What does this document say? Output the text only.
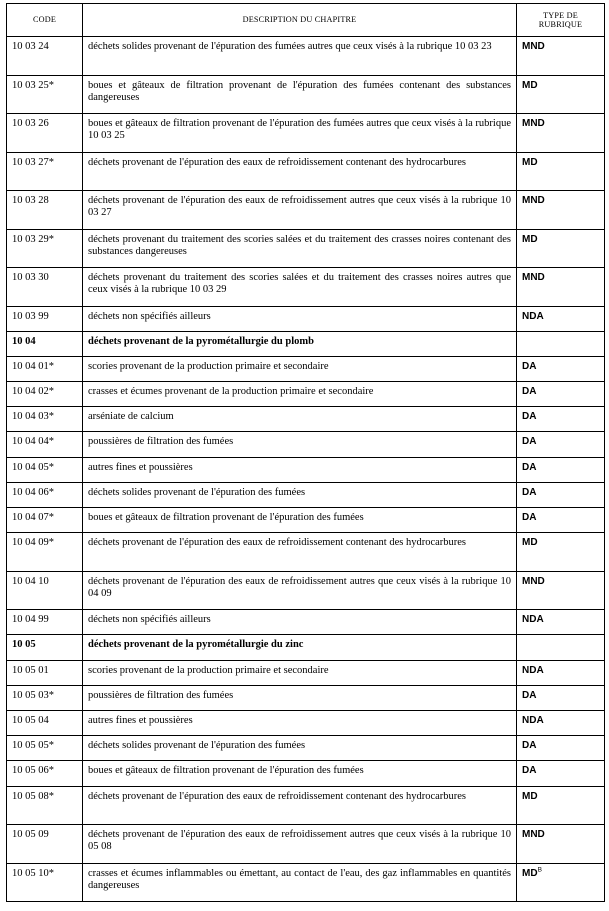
CODE	DESCRIPTION DU CHAPITRE	TYPE DE
RUBRIQUE
10 03 24	déchets solides provenant de l'épuration des fumées autres que ceux visés à la rubrique 10 03 23	MND
10 03 25*	boues et gâteaux de filtration provenant de l'épuration des fumées contenant des substances dangereuses	MD
10 03 26	boues et gâteaux de filtration provenant de l'épuration des fumées autres que ceux visés à la rubrique 10 03 25	MND
10 03 27*	déchets provenant de l'épuration des eaux de refroidissement contenant des hydrocarbures	MD
10 03 28	déchets provenant de l'épuration des eaux de refroidissement autres que ceux visés à la rubrique 10 03 27	MND
10 03 29*	déchets provenant du traitement des scories salées et du traitement des crasses noires contenant des substances dangereuses	MD
10 03 30	déchets provenant du traitement des scories salées et du traitement des crasses noires autres que ceux visés à la rubrique 10 03 29	MND
10 03 99	déchets non spécifiés ailleurs	NDA
10 04	déchets provenant de la pyrométallurgie du plomb	
10 04 01*	scories provenant de la production primaire et secondaire	DA
10 04 02*	crasses et écumes provenant de la production primaire et secondaire	DA
10 04 03*	arséniate de calcium	DA
10 04 04*	poussières de filtration des fumées	DA
10 04 05*	autres fines et poussières	DA
10 04 06*	déchets solides provenant de l'épuration des fumées	DA
10 04 07*	boues et gâteaux de filtration provenant de l'épuration des fumées	DA
10 04 09*	déchets provenant de l'épuration des eaux de refroidissement contenant des hydrocarbures	MD
10 04 10	déchets provenant de l'épuration des eaux de refroidissement autres que ceux visés à la rubrique 10 04 09	MND
10 04 99	déchets non spécifiés ailleurs	NDA
10 05	déchets provenant de la pyrométallurgie du zinc	
10 05 01	scories provenant de la production primaire et secondaire	NDA
10 05 03*	poussières de filtration des fumées	DA
10 05 04	autres fines et poussières	NDA
10 05 05*	déchets solides provenant de l'épuration des fumées	DA
10 05 06*	boues et gâteaux de filtration provenant de l'épuration des fumées	DA
10 05 08*	déchets provenant de l'épuration des eaux de refroidissement contenant des hydrocarbures	MD
10 05 09	déchets provenant de l'épuration des eaux de refroidissement autres que ceux visés à la rubrique 10 05 08	MND
10 05 10*	crasses et écumes inflammables ou émettant, au contact de l'eau, des gaz inflammables en quantités dangereuses	$MD^B$
